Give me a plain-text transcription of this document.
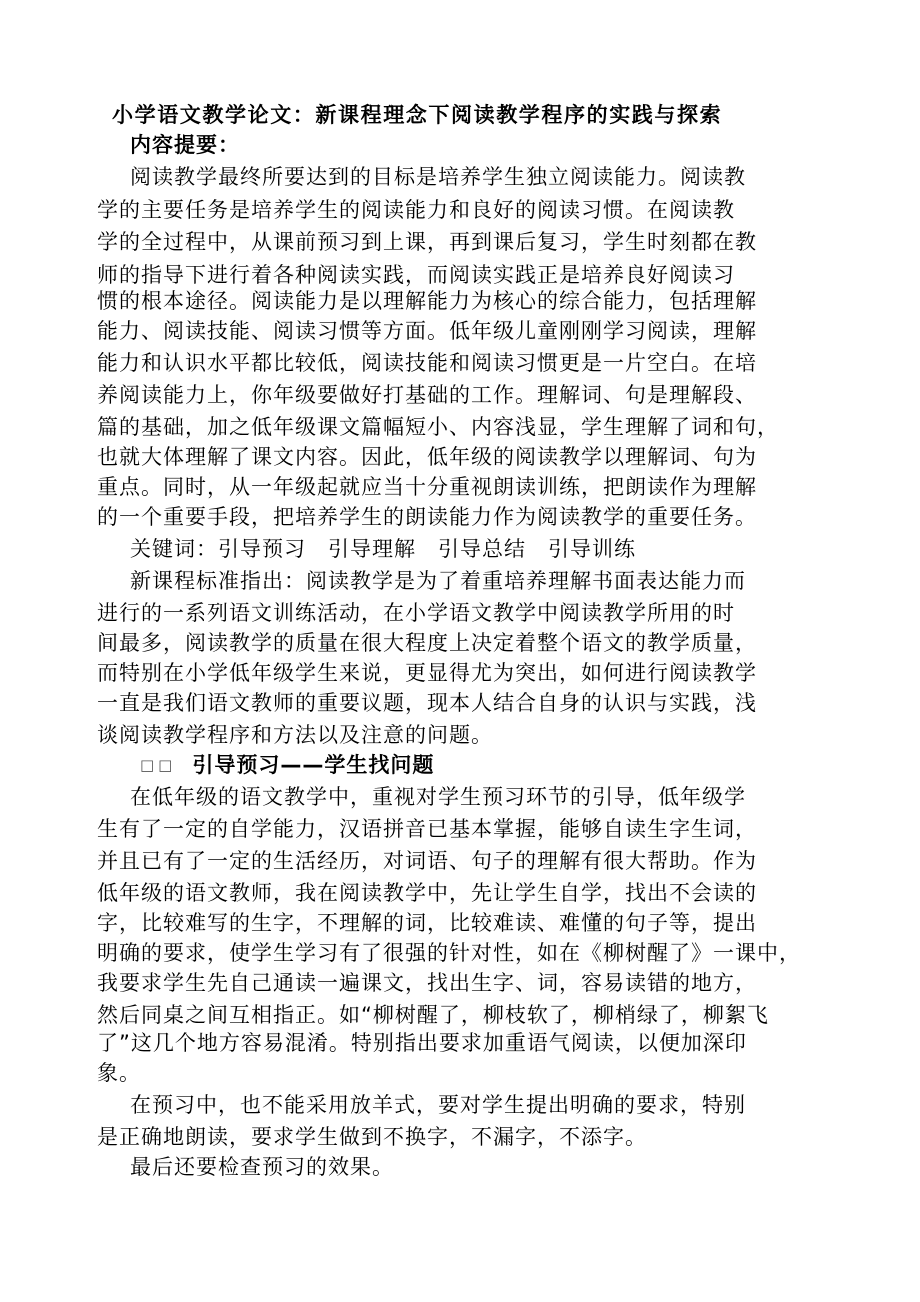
小学语文教学论文：新课程理念下阅读教学程序的实践与探索
内容提要：
阅读教学最终所要达到的目标是培养学生独立阅读能力。阅读教
学的主要任务是培养学生的阅读能力和良好的阅读习惯。在阅读教
学的全过程中，从课前预习到上课，再到课后复习，学生时刻都在教
师的指导下进行着各种阅读实践，而阅读实践正是培养良好阅读习
惯的根本途径。阅读能力是以理解能力为核心的综合能力，包括理解
能力、阅读技能、阅读习惯等方面。低年级儿童刚刚学习阅读，理解
能力和认识水平都比较低，阅读技能和阅读习惯更是一片空白。在培
养阅读能力上，你年级要做好打基础的工作。理解词、句是理解段、
篇的基础，加之低年级课文篇幅短小、内容浅显，学生理解了词和句，
也就大体理解了课文内容。因此，低年级的阅读教学以理解词、句为
重点。同时，从一年级起就应当十分重视朗读训练，把朗读作为理解
的一个重要手段，把培养学生的朗读能力作为阅读教学的重要任务。
关键词：引导预习　引导理解　引导总结　引导训练
新课程标准指出：阅读教学是为了着重培养理解书面表达能力而
进行的一系列语文训练活动，在小学语文教学中阅读教学所用的时
间最多，阅读教学的质量在很大程度上决定着整个语文的教学质量，
而特别在小学低年级学生来说，更显得尤为突出，如何进行阅读教学
一直是我们语文教师的重要议题，现本人结合自身的认识与实践，浅
谈阅读教学程序和方法以及注意的问题。
□□ 引导预习——学生找问题
在低年级的语文教学中，重视对学生预习环节的引导，低年级学
生有了一定的自学能力，汉语拼音已基本掌握，能够自读生字生词，
并且已有了一定的生活经历，对词语、句子的理解有很大帮助。作为
低年级的语文教师，我在阅读教学中，先让学生自学，找出不会读的
字，比较难写的生字，不理解的词，比较难读、难懂的句子等，提出
明确的要求，使学生学习有了很强的针对性，如在《柳树醒了》一课中，
我要求学生先自己通读一遍课文，找出生字、词，容易读错的地方，
然后同桌之间互相指正。如“柳树醒了，柳枝软了，柳梢绿了，柳絮飞
了”这几个地方容易混淆。特别指出要求加重语气阅读，以便加深印
象。
在预习中，也不能采用放羊式，要对学生提出明确的要求，特别
是正确地朗读，要求学生做到不换字，不漏字，不添字。
最后还要检查预习的效果。
